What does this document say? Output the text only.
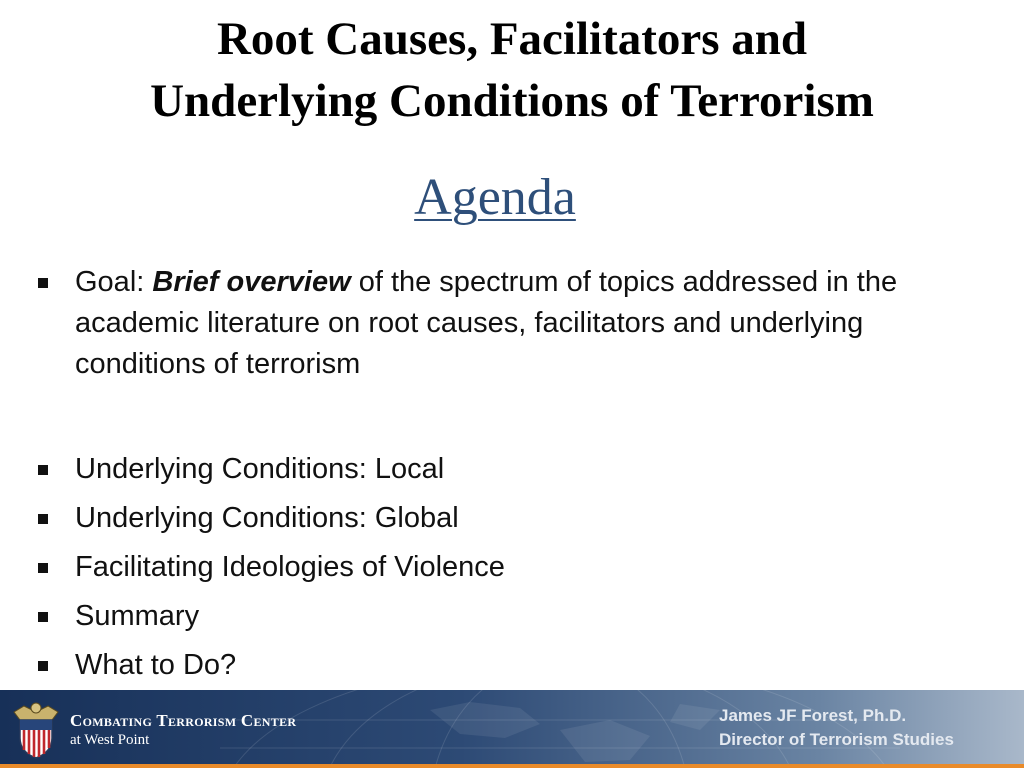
Root Causes, Facilitators and
Underlying Conditions of Terrorism
Agenda
Goal: Brief overview of the spectrum of topics addressed in the academic literature on root causes, facilitators and underlying conditions of terrorism
Underlying Conditions: Local
Underlying Conditions: Global
Facilitating Ideologies of Violence
Summary
What to Do?
Combating Terrorism Center
at West Point
James JF Forest, Ph.D.
Director of Terrorism Studies
